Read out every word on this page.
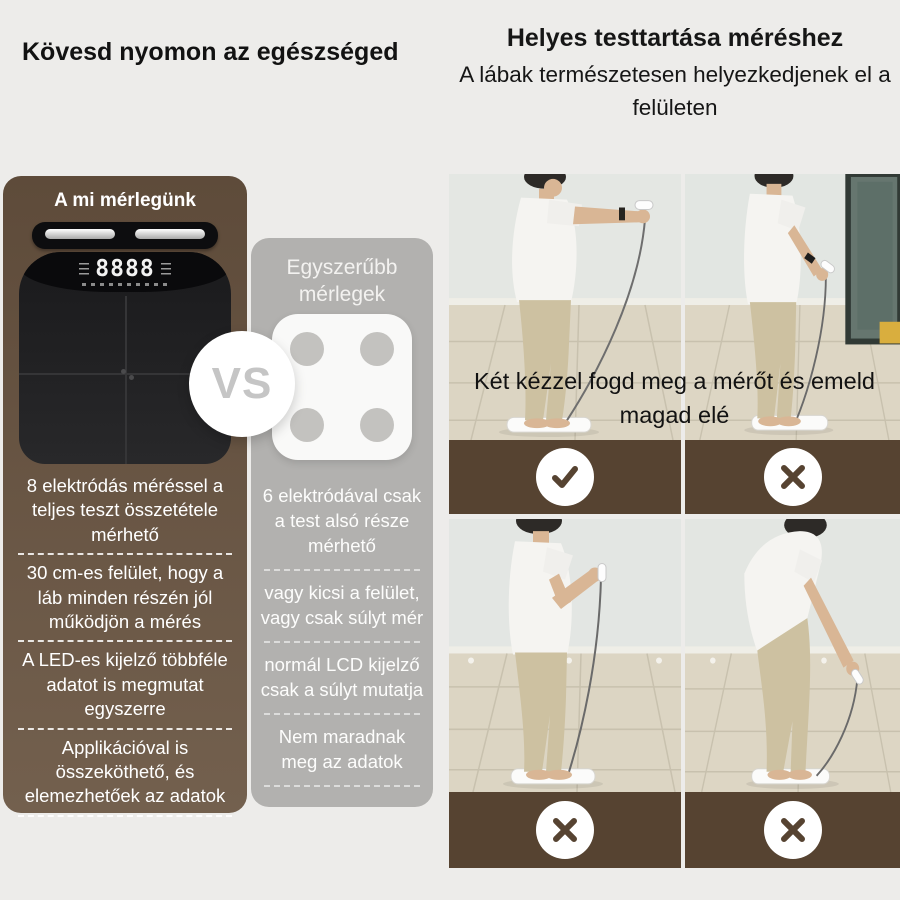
Kövesd nyomon az egészséged	Helyes testtartása méréshez
A lábak természetesen helyezkedjenek el a felületen
A mi mérlegünk
8888
8 elektródás méréssel a teljes teszt összetétele mérhető
30 cm-es felület, hogy a láb minden részén jól működjön a mérés
A LED-es kijelző többféle adatot is megmutat egyszerre
Applikációval is összeköthető, és elemezhetőek az adatok
Egyszerűbb mérlegek
6 elektródával csak a test alsó része mérhető
vagy kicsi a felület, vagy csak súlyt mér
normál LCD kijelző csak a súlyt mutatja
Nem maradnak meg az adatok
VS	Két kézzel fogd meg a mérőt és emeld magad elé
